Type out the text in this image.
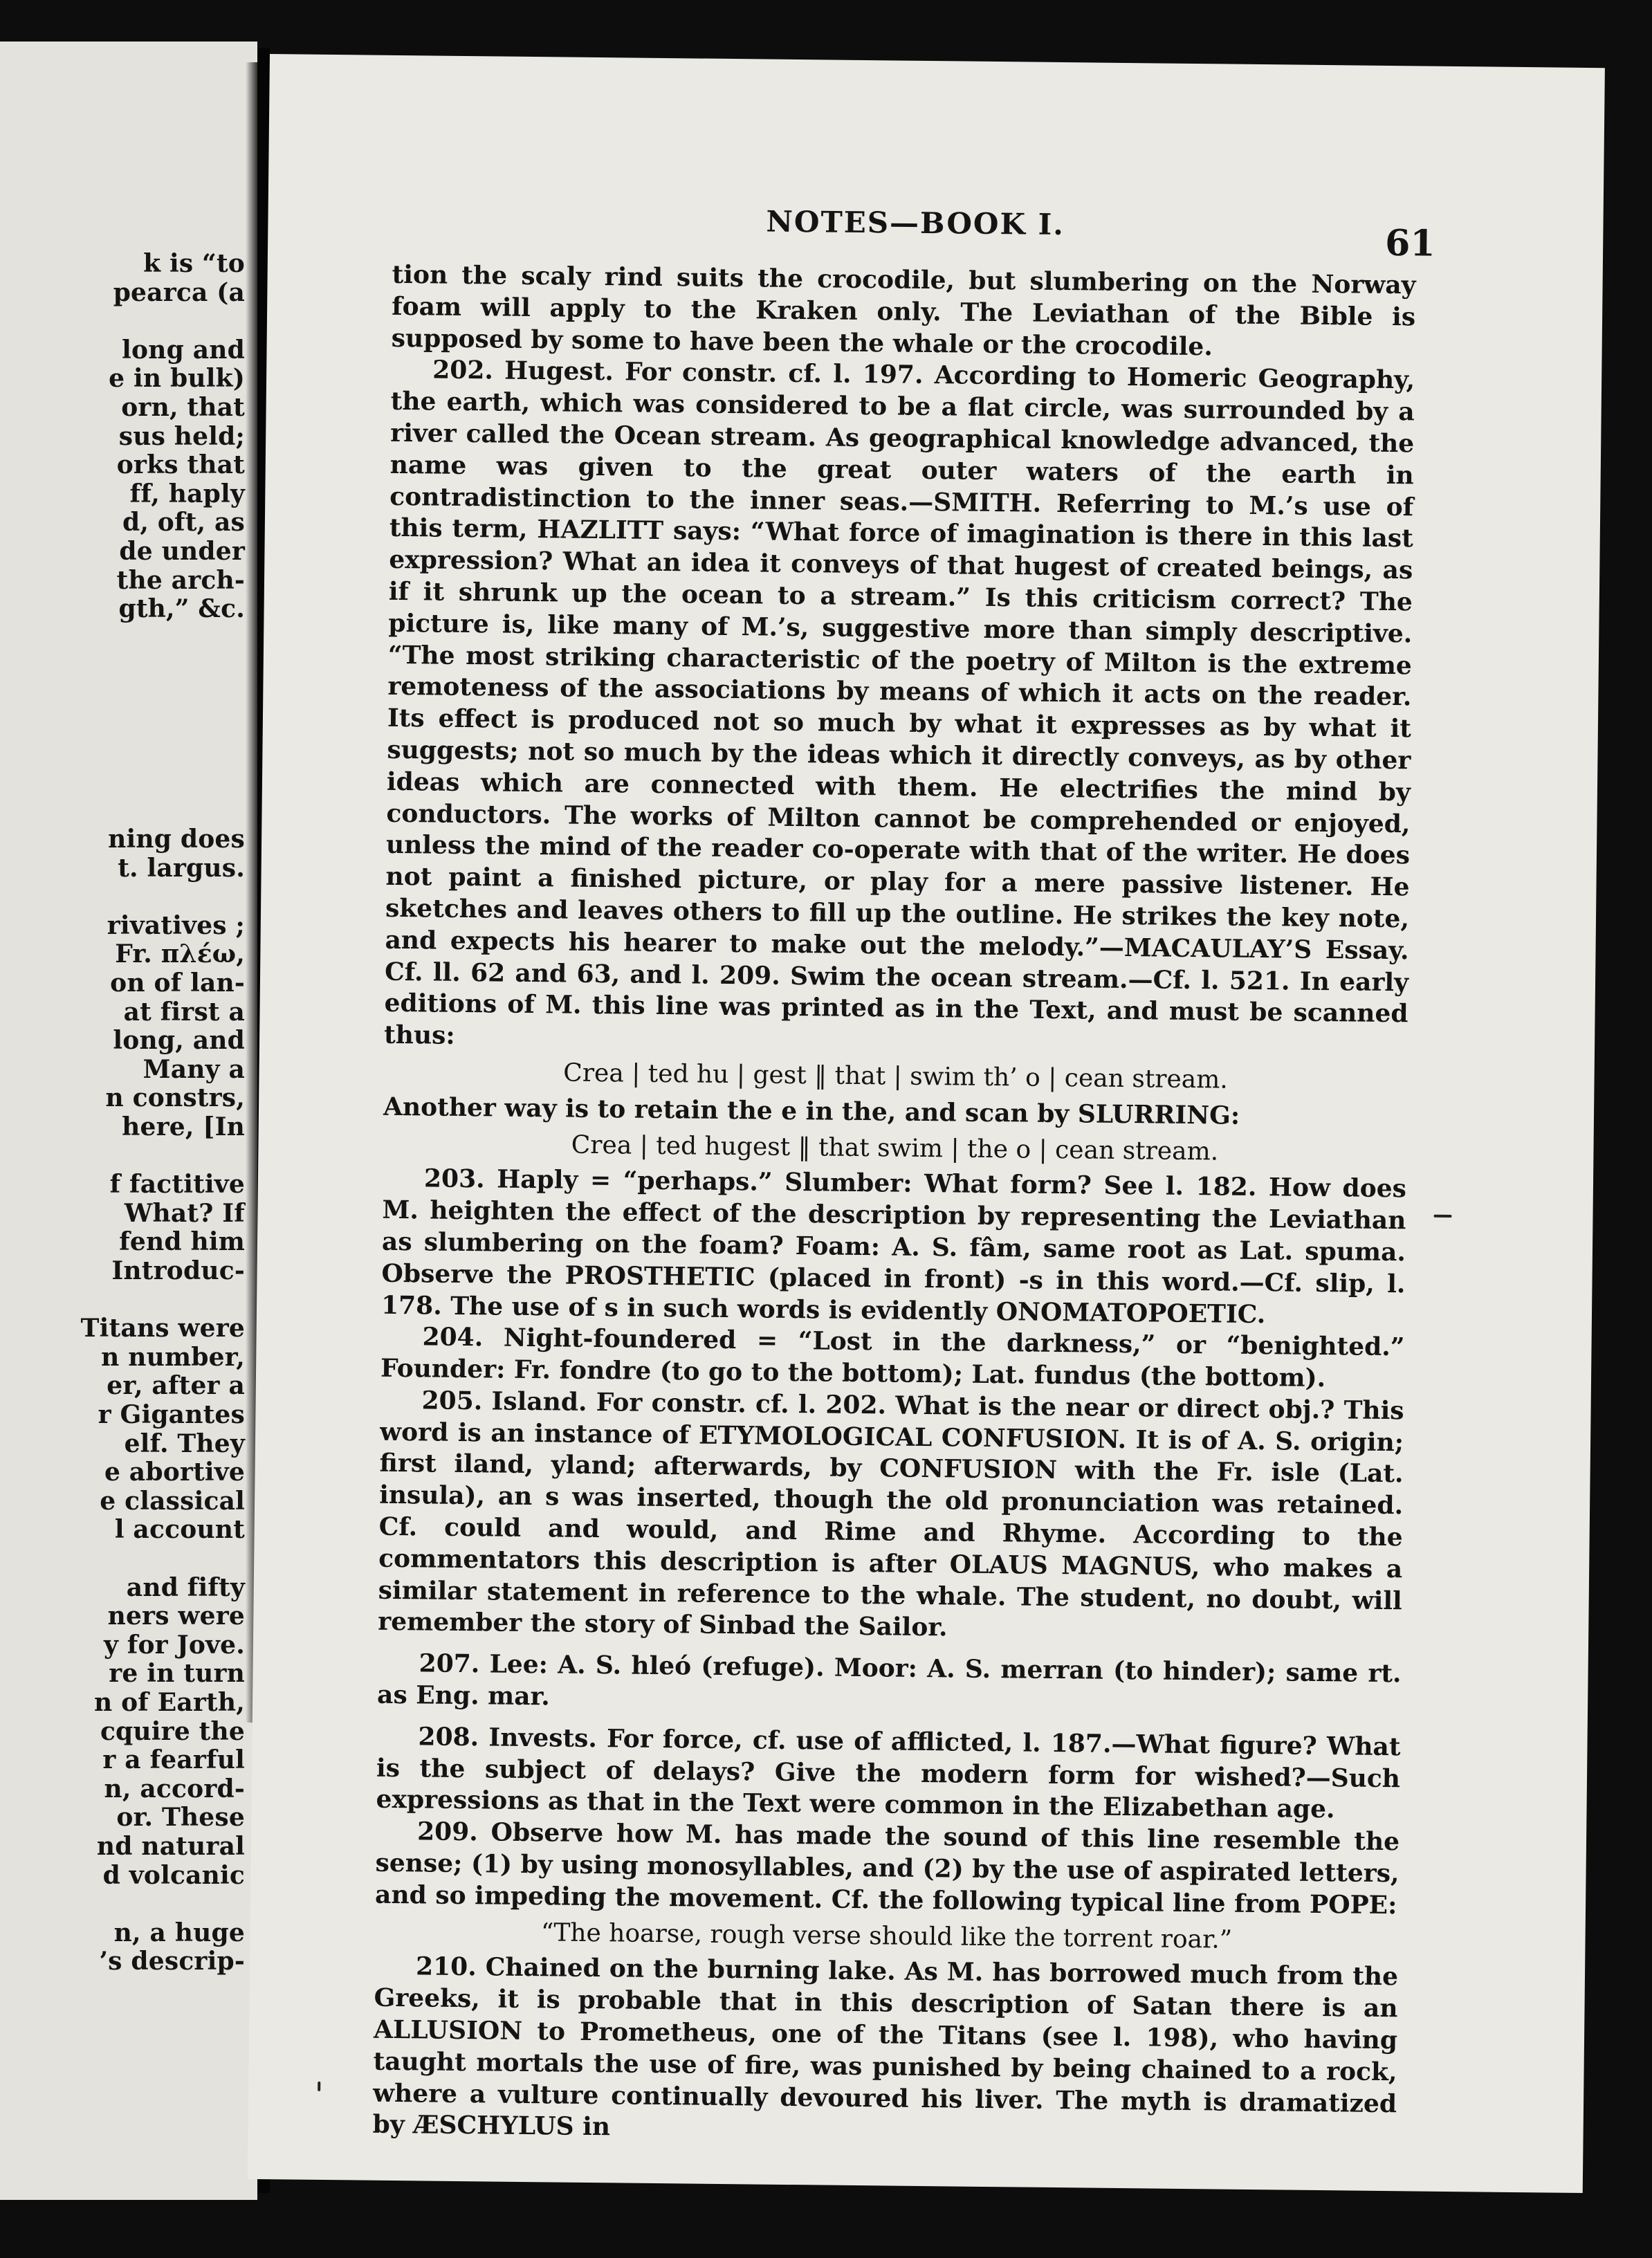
k is “to
pearca (a
long and
e in bulk)
orn, that
sus held;
orks that
ff, haply
d, oft, as
de under
the arch-
gth,” &c.
ning does
t. largus.
rivatives ;
Fr. πλέω,
on of lan-
at first a
long, and
Many a
n constrs,
here, [In
f factitive
What? If
fend him
Introduc-
Titans were
n number,
er, after a
r Gigantes
elf. They
e abortive
e classical
l account
and fifty
ners were
y for Jove.
re in turn
n of Earth,
cquire the
r a fearful
n, accord-
or. These
nd natural
d volcanic
n, a huge
’s descrip-
NOTES—BOOK I.	61

tion the scaly rind suits the crocodile, but slumbering on the Norway foam will apply to the Kraken only. The Leviathan of the Bible is supposed by some to have been the whale or the crocodile.

202. Hugest. For constr. cf. l. 197. According to Homeric Geography, the earth, which was considered to be a flat circle, was surrounded by a river called the Ocean stream. As geographical knowledge advanced, the name was given to the great outer waters of the earth in contradistinction to the inner seas.—SMITH. Referring to M.’s use of this term, HAZLITT says: “What force of imagination is there in this last expression? What an idea it conveys of that hugest of created beings, as if it shrunk up the ocean to a stream.” Is this criticism correct? The picture is, like many of M.’s, suggestive more than simply descriptive. “The most striking characteristic of the poetry of Milton is the extreme remoteness of the associations by means of which it acts on the reader. Its effect is produced not so much by what it expresses as by what it suggests; not so much by the ideas which it directly conveys, as by other ideas which are connected with them. He electrifies the mind by conductors. The works of Milton cannot be comprehended or enjoyed, unless the mind of the reader co-operate with that of the writer. He does not paint a finished picture, or play for a mere passive listener. He sketches and leaves others to fill up the outline. He strikes the key note, and expects his hearer to make out the melody.”—MACAULAY’S Essay. Cf. ll. 62 and 63, and l. 209. Swim the ocean stream.—Cf. l. 521. In early editions of M. this line was printed as in the Text, and must be scanned thus:

Crea | ted hu | gest ‖ that | swim th’ o | cean stream.

Another way is to retain the e in the, and scan by SLURRING:

Crea | ted hugest ‖ that swim | the o | cean stream.

203. Haply = “perhaps.” Slumber: What form? See l. 182. How does M. heighten the effect of the description by representing the Leviathan as slumbering on the foam? Foam: A. S. fâm, same root as Lat. spuma. Observe the PROSTHETIC (placed in front) -s in this word.—Cf. slip, l. 178. The use of s in such words is evidently ONOMATOPOETIC.

204. Night-foundered = “Lost in the darkness,” or “benighted.” Founder: Fr. fondre (to go to the bottom); Lat. fundus (the bottom).

205. Island. For constr. cf. l. 202. What is the near or direct obj.? This word is an instance of ETYMOLOGICAL CONFUSION. It is of A. S. origin; first iland, yland; afterwards, by CONFUSION with the Fr. isle (Lat. insula), an s was inserted, though the old pronunciation was retained. Cf. could and would, and Rime and Rhyme. According to the commentators this description is after OLAUS MAGNUS, who makes a similar statement in reference to the whale. The student, no doubt, will remember the story of Sinbad the Sailor.

207. Lee: A. S. hleó (refuge). Moor: A. S. merran (to hinder); same rt. as Eng. mar.

208. Invests. For force, cf. use of afflicted, l. 187.—What figure? What is the subject of delays? Give the modern form for wished?—Such expressions as that in the Text were common in the Elizabethan age.

209. Observe how M. has made the sound of this line resemble the sense; (1) by using monosyllables, and (2) by the use of aspirated letters, and so impeding the movement. Cf. the following typical line from POPE:

“The hoarse, rough verse should like the torrent roar.”

210. Chained on the burning lake. As M. has borrowed much from the Greeks, it is probable that in this description of Satan there is an ALLUSION to Prometheus, one of the Titans (see l. 198), who having taught mortals the use of fire, was punished by being chained to a rock, where a vulture continually devoured his liver. The myth is dramatized by ÆSCHYLUS in
